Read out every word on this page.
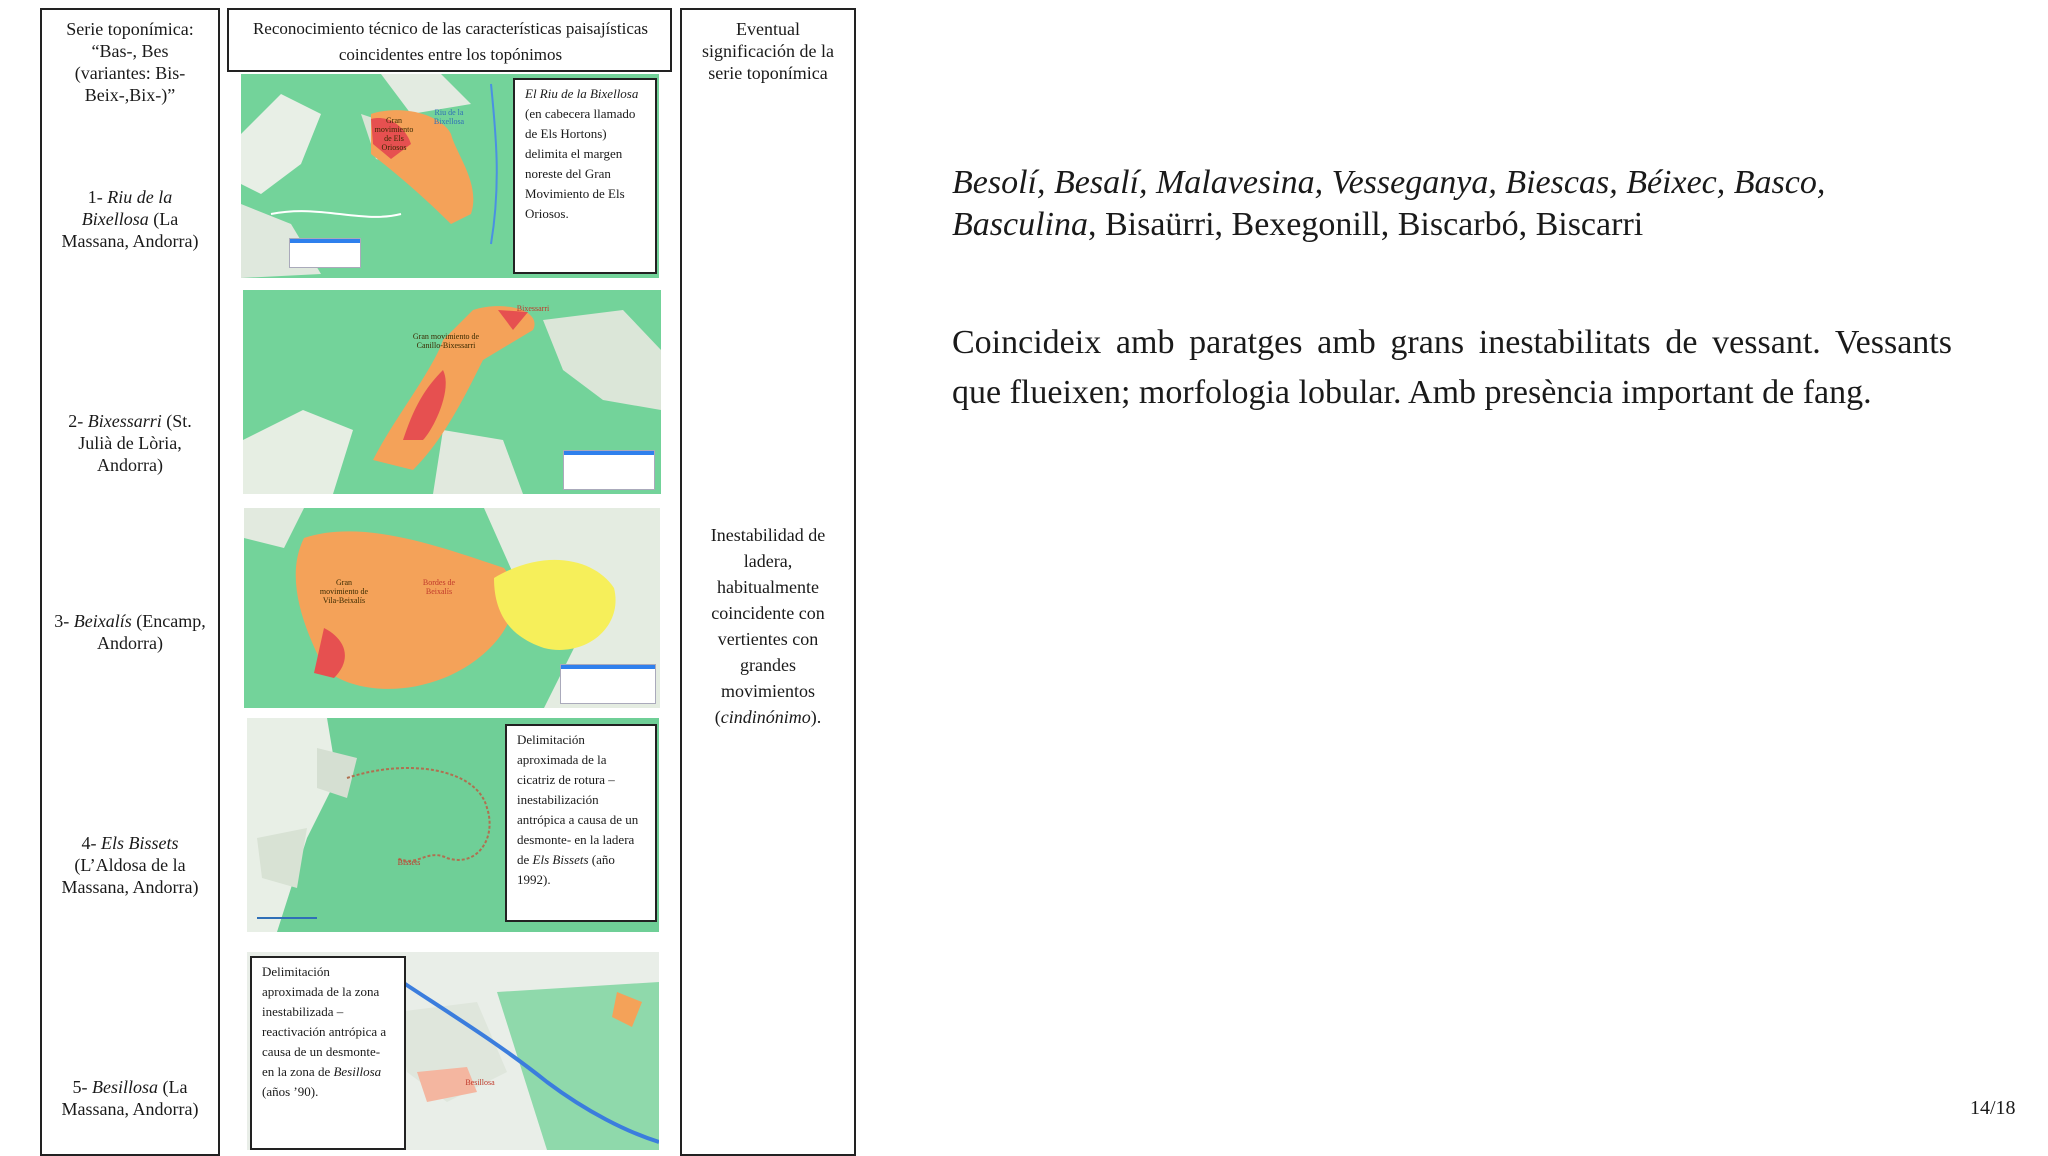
Serie toponímica: “Bas-, Bes (variantes: Bis-Beix-,Bix-)”
1- Riu de la Bixellosa (La Massana, Andorra)
2- Bixessarri (St. Julià de Lòria, Andorra)
3- Beixalís (Encamp, Andorra)
4- Els Bissets (L’Aldosa de la Massana, Andorra)
5- Besillosa (La Massana, Andorra)
Reconocimiento técnico de las características paisajísticas coincidentes entre los topónimos
Gran movimiento de Els Oriosos
Riu de la Bixellosa
El Riu de la Bixellosa (en cabecera llamado de Els Hortons) delimita el margen noreste del Gran Movimiento de Els Oriosos.
Gran movimiento de Canillo-Bixessarri
Bixessarri
Gran movimiento de Vila-Beixalís
Bordes de Beixalís
Bissets
Delimitación aproximada de la cicatriz de rotura –inestabilización antrópica a causa de un desmonte- en la ladera de Els Bissets (año 1992).
Besillosa
Delimitación aproximada de la zona inestabilizada –reactivación antrópica a causa de un desmonte- en la zona de Besillosa (años ’90).
Eventual significación de la serie toponímica
Inestabilidad de ladera, habitualmente coincidente con vertientes con grandes movimientos (cindinónimo).
Besolí, Besalí, Malavesina, Vesseganya, Biescas, Béixec, Basco, Basculina, Bisaürri, Bexegonill, Biscarbó, Biscarri
Coincideix amb paratges amb grans inestabilitats de vessant. Vessants que flueixen; morfologia lobular. Amb presència important de fang.
14/18
